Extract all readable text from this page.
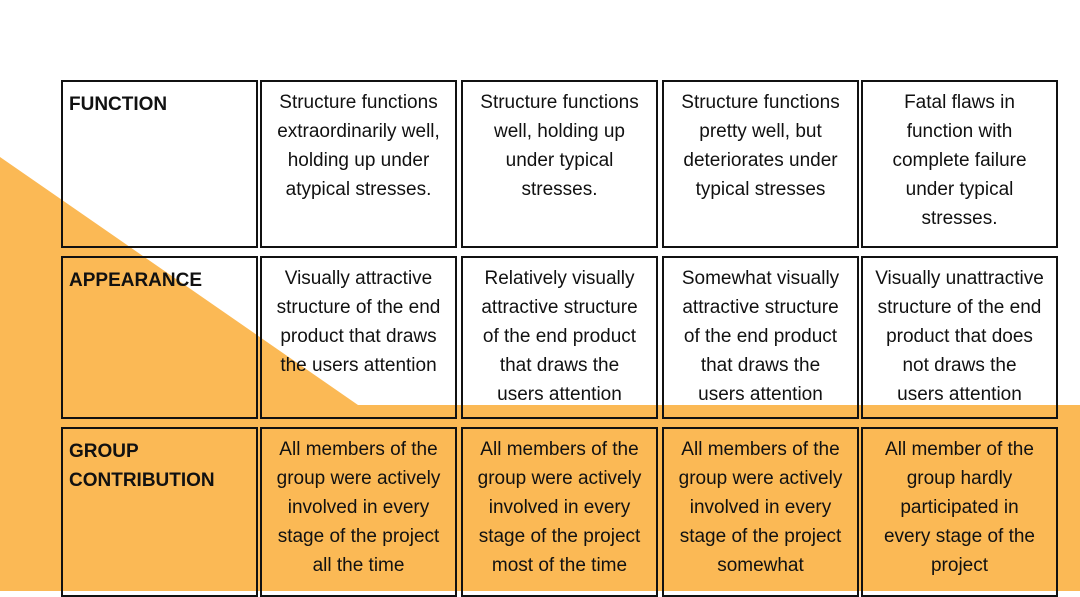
FUNCTION	Structure functions
extraordinarily well,
holding up under
atypical stresses.
Structure functions
well, holding up
under typical
stresses.
Structure functions
pretty well, but
deteriorates under
typical stresses
Fatal flaws in
function with
complete failure
under typical
stresses.
APPEARANCE	Visually attractive
structure of the end
product that draws
the users attention
Relatively visually
attractive structure
of the end product
that draws the
users attention
Somewhat visually
attractive structure
of the end product
that draws the
users attention
Visually unattractive
structure of the end
product that does
not draws the
users attention
GROUP
CONTRIBUTION
All members of the
group were actively
involved in every
stage of the project
all the time
All members of the
group were actively
involved in every
stage of the project
most of the time
All members of the
group were actively
involved in every
stage of the project
somewhat
All member of the
group hardly
participated in
every stage of the
project
